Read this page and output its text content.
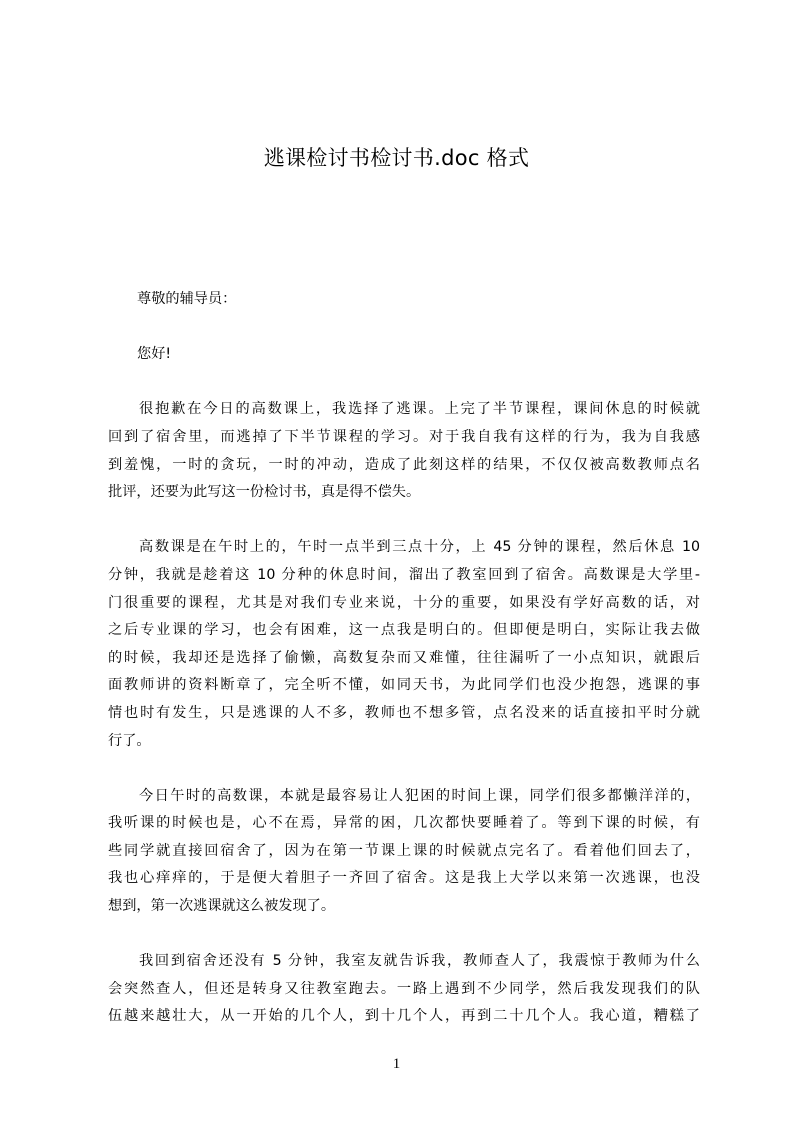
逃课检讨书检讨书.doc 格式

尊敬的辅导员：

您好!

很抱歉在今日的高数课上，我选择了逃课。上完了半节课程，课间休息的时候就
回到了宿舍里，而逃掉了下半节课程的学习。对于我自我有这样的行为，我为自我感
到羞愧，一时的贪玩，一时的冲动，造成了此刻这样的结果，不仅仅被高数教师点名
批评，还要为此写这一份检讨书，真是得不偿失。
高数课是在午时上的，午时一点半到三点十分，上 45 分钟的课程，然后休息 10
分钟，我就是趁着这 10 分种的休息时间，溜出了教室回到了宿舍。高数课是大学里-
门很重要的课程，尤其是对我们专业来说，十分的重要，如果没有学好高数的话，对
之后专业课的学习，也会有困难，这一点我是明白的。但即便是明白，实际让我去做
的时候，我却还是选择了偷懒，高数复杂而又难懂，往往漏听了一小点知识，就跟后
面教师讲的资料断章了，完全听不懂，如同天书，为此同学们也没少抱怨，逃课的事
情也时有发生，只是逃课的人不多，教师也不想多管，点名没来的话直接扣平时分就
行了。
今日午时的高数课，本就是最容易让人犯困的时间上课，同学们很多都懒洋洋的，
我听课的时候也是，心不在焉，异常的困，几次都快要睡着了。等到下课的时候，有
些同学就直接回宿舍了，因为在第一节课上课的时候就点完名了。看着他们回去了，
我也心痒痒的，于是便大着胆子一齐回了宿舍。这是我上大学以来第一次逃课，也没
想到，第一次逃课就这么被发现了。
我回到宿舍还没有 5 分钟，我室友就告诉我，教师查人了，我震惊于教师为什么
会突然查人，但还是转身又往教室跑去。一路上遇到不少同学，然后我发现我们的队
伍越来越壮大，从一开始的几个人，到十几个人，再到二十几个人。我心道，糟糕了
1
